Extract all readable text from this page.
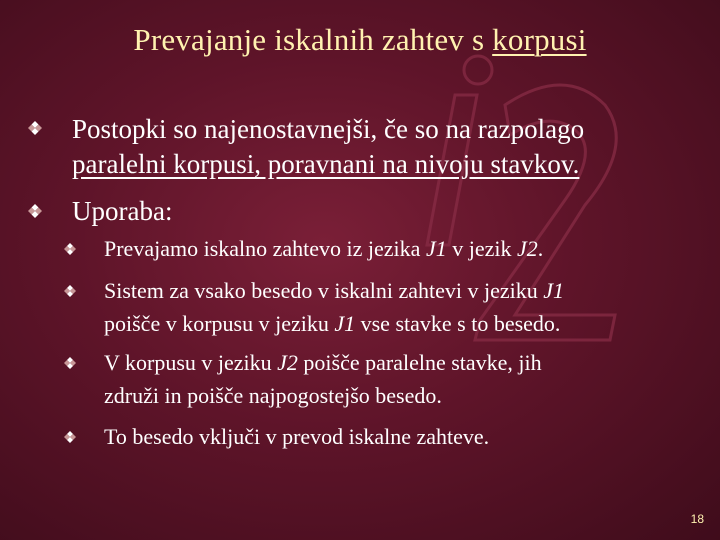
Prevajanje iskalnih zahtev s korpusi
Postopki so najenostavnejši, če so na razpolago
paralelni korpusi, poravnani na nivoju stavkov.
Uporaba:
Prevajamo iskalno zahtevo iz jezika J1 v jezik J2.
Sistem za vsako besedo v iskalni zahtevi v jeziku J1
poišče v korpusu v jeziku J1 vse stavke s to besedo.
V korpusu v jeziku J2 poišče paralelne stavke, jih
združi in poišče najpogostejšo besedo.
To besedo vključi v prevod iskalne zahteve.
18
